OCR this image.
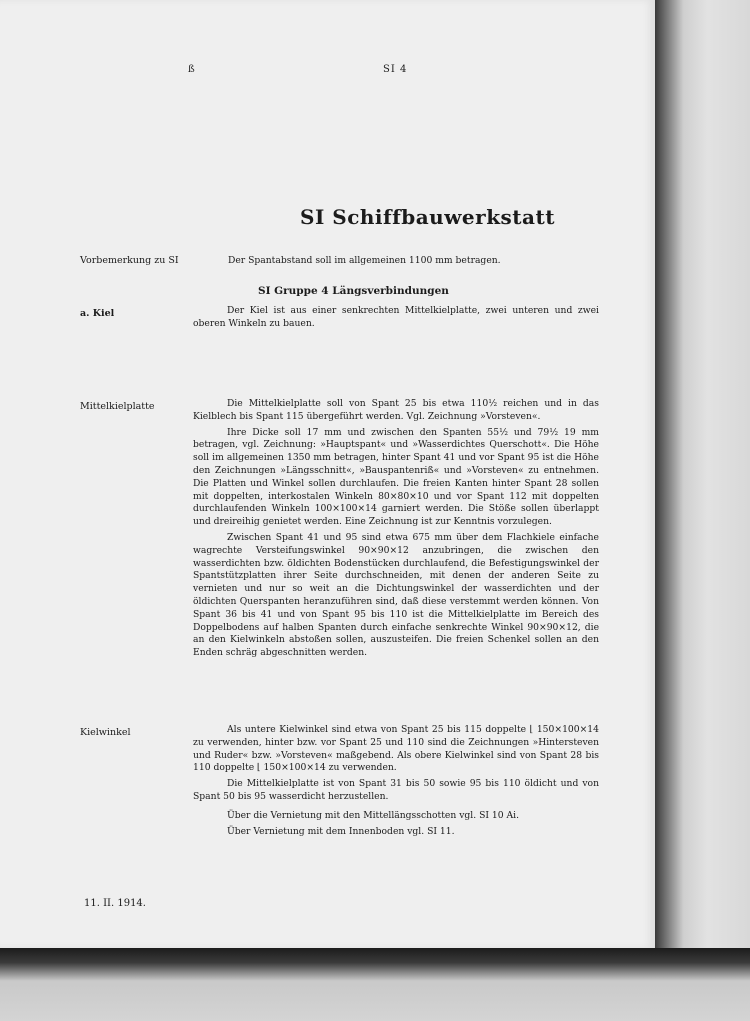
ß	SI 4
SI Schiffbauwerkstatt
Vorbemerkung zu SI	Der Spantabstand soll im allgemeinen 1100 mm betragen.
SI Gruppe 4 Längsverbindungen
a. Kiel	Der Kiel ist aus einer senkrechten Mittelkielplatte, zwei unteren und zwei oberen Winkeln zu bauen.

Mittelkielplatte	Die Mittelkielplatte soll von Spant 25 bis etwa 110½ reichen und in das Kielblech bis Spant 115 übergeführt werden. Vgl. Zeichnung »Vorsteven«.

Ihre Dicke soll 17 mm und zwischen den Spanten 55½ und 79½ 19 mm betragen, vgl. Zeichnung: »Hauptspant« und »Wasserdichtes Querschott«. Die Höhe soll im allgemeinen 1350 mm betragen, hinter Spant 41 und vor Spant 95 ist die Höhe den Zeichnungen »Längsschnitt«, »Bauspantenriß« und »Vorsteven« zu entnehmen. Die Platten und Winkel sollen durchlaufen. Die freien Kanten hinter Spant 28 sollen mit doppelten, interkostalen Winkeln 80×80×10 und vor Spant 112 mit doppelten durchlaufenden Winkeln 100×100×14 garniert werden. Die Stöße sollen überlappt und dreireihig genietet werden. Eine Zeichnung ist zur Kenntnis vorzulegen.

Zwischen Spant 41 und 95 sind etwa 675 mm über dem Flachkiele einfache wagrechte Versteifungswinkel 90×90×12 anzubringen, die zwischen den wasserdichten bzw. öldichten Bodenstücken durchlaufend, die Befestigungswinkel der Spantstützplatten ihrer Seite durchschneiden, mit denen der anderen Seite zu vernieten und nur so weit an die Dichtungswinkel der wasserdichten und der öldichten Querspanten heranzuführen sind, daß diese verstemmt werden können. Von Spant 36 bis 41 und von Spant 95 bis 110 ist die Mittelkielplatte im Bereich des Doppelbodens auf halben Spanten durch einfache senkrechte Winkel 90×90×12, die an den Kielwinkeln abstoßen sollen, auszusteifen. Die freien Schenkel sollen an den Enden schräg abgeschnitten werden.

Kielwinkel	Als untere Kielwinkel sind etwa von Spant 25 bis 115 doppelte ⌊ 150×100×14 zu verwenden, hinter bzw. vor Spant 25 und 110 sind die Zeichnungen »Hintersteven und Ruder« bzw. »Vorsteven« maßgebend. Als obere Kielwinkel sind von Spant 28 bis 110 doppelte ⌊ 150×100×14 zu verwenden.

Die Mittelkielplatte ist von Spant 31 bis 50 sowie 95 bis 110 öldicht und von Spant 50 bis 95 wasserdicht herzustellen.

Über die Vernietung mit den Mittellängsschotten vgl. SI 10 Ai.

Über Vernietung mit dem Innenboden vgl. SI 11.

11. II. 1914.
